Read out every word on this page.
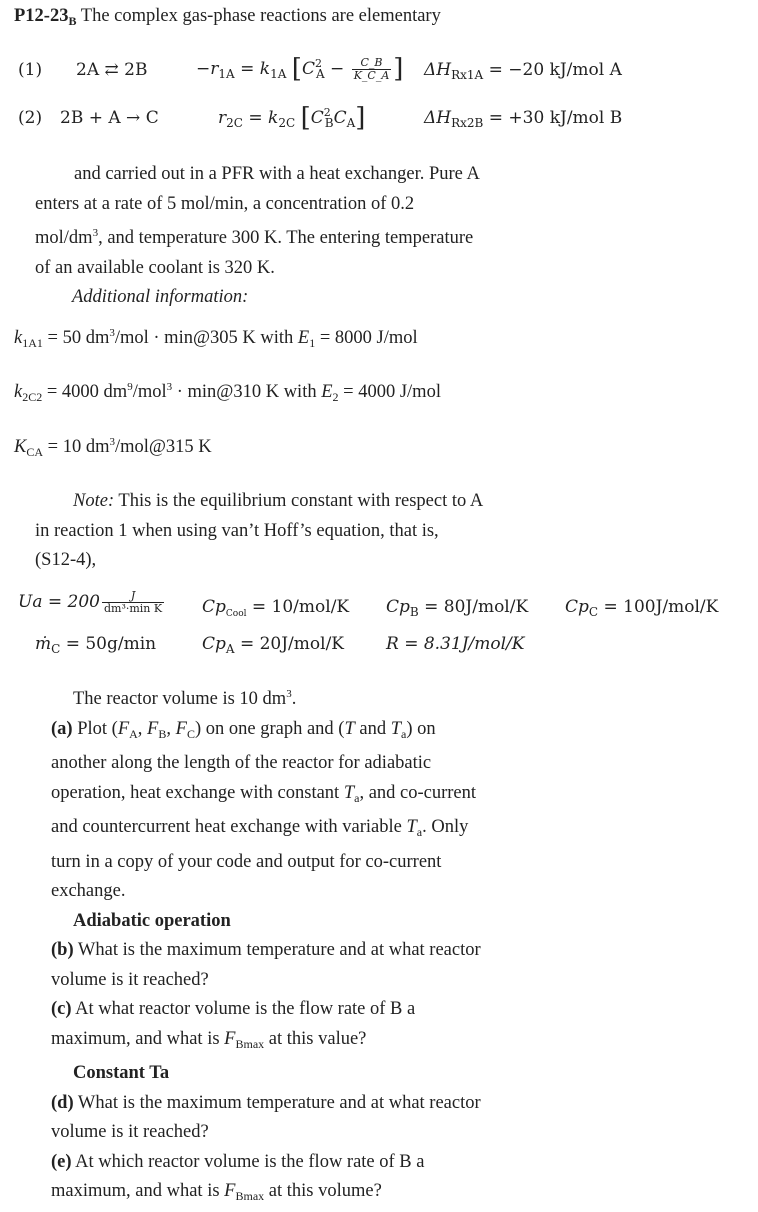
$P12-23_B$ The complex gas-phase reactions are elementary
(1) 2A ⇄ 2B	$-r_{1A} = k_{1A}$ [$C^2_A - \frac{C\_B}{K\_C\_A}$ ] $\Delta H_{Rx1A} = -20$ kJ/mol A
(2) 2B + A → C	$r_{2C} = k_{2C}$ $[C^2_BC_A]$	$\Delta H_{Rx2B} = +30$ kJ/mol B
and carried out in a PFR with a heat exchanger. Pure A
enters at a rate of 5 mol/min, a concentration of 0.2
mol/$dm^3$, and temperature 300 K. The entering temperature
of an available coolant is 320 K.
Additional information:
$k_{1A1} = 50$ $dm^3$/mol · min@305 K with $E_1 = 8000$ J/mol
$k_{2C2} = 4000$ $dm^9/mol^3$ · min@310 K with $E_2 = 4000$ J/mol
$K_{CA} = 10$ $dm^3/mol@315$ K
Note: This is the equilibrium constant with respect to A
in reaction 1 when using van’t Hoff’s equation, that is,
(S12-4),
$Ua = 200 \frac{J}{\text{dm³·min K}} Cp_{Cool} = 10/mol/K$ $Cp_B = 80J/mol/K$ $Cp_C = 100J/mol/K$
ṁ$_C$ = 50g/min	$Cp_A = 20J/mol/K$ R = 8.31J/mol/K
The reactor volume is 10 $dm^3$.
(a) Plot ($F_A$, $F_B$, $F_C$) on one graph and (T and $T_a$) on
another along the length of the reactor for adiabatic
operation, heat exchange with constant $T_a$, and co-current
and countercurrent heat exchange with variable $T_a$. Only
turn in a copy of your code and output for co-current
exchange.
Adiabatic operation
(b) What is the maximum temperature and at what reactor
volume is it reached?
(c) At what reactor volume is the flow rate of B a
maximum, and what is $F_{Bmax}$ at this value?
Constant Ta
(d) What is the maximum temperature and at what reactor
volume is it reached?
(e) At which reactor volume is the flow rate of B a
maximum, and what is $F_{Bmax}$ at this volume?
